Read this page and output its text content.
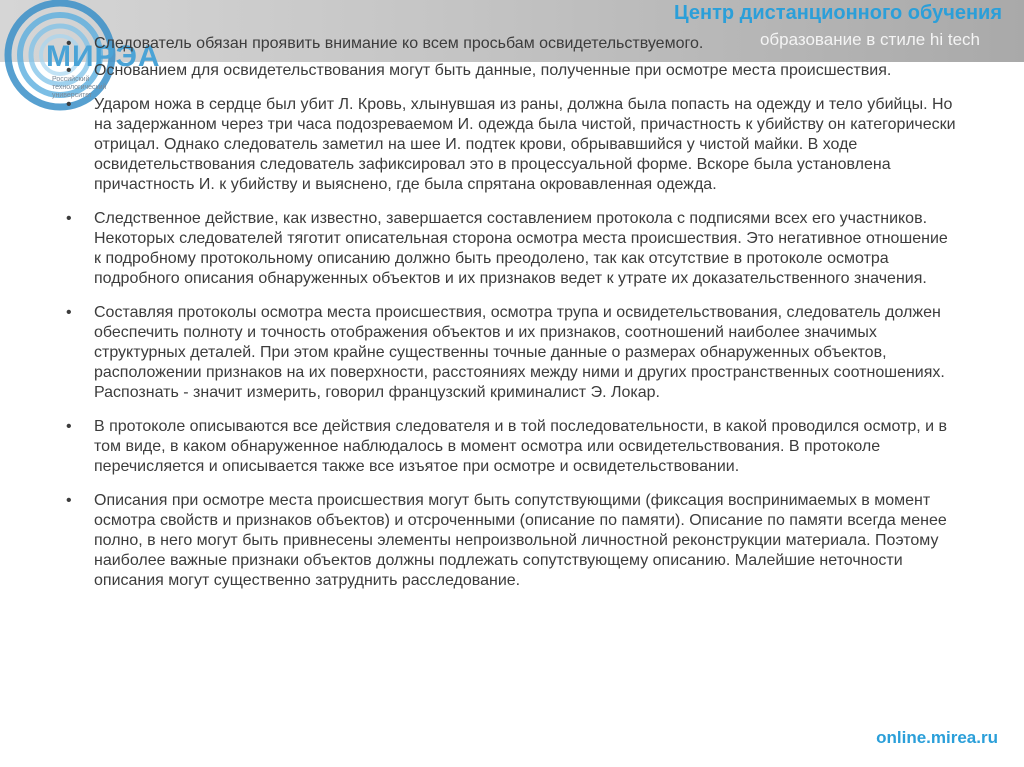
МИРЭА
Российский технологический университет
Центр дистанционного обучения
образование в стиле hi tech
• Следователь обязан проявить внимание ко всем просьбам освидетельствуемого.
• Основанием для освидетельствования могут быть данные, полученные при осмотре места происшествия.
• Ударом ножа в сердце был убит Л. Кровь, хлынувшая из раны, должна была попасть на одежду и тело убийцы. Но на задержанном через три часа подозреваемом И. одежда была чистой, причастность к убийству он категорически отрицал. Однако следователь заметил на шее И. подтек крови, обрывавшийся у чистой майки. В ходе освидетельствования следователь зафиксировал это в процессуальной форме. Вскоре была установлена причастность И. к убийству и выяснено, где была спрятана окровавленная одежда.
• Следственное действие, как известно, завершается составлением протокола с подписями всех его участников. Некоторых следователей тяготит описательная сторона осмотра места происшествия. Это негативное отношение к подробному протокольному описанию должно быть преодолено, так как отсутствие в протоколе осмотра подробного описания обнаруженных объектов и их признаков ведет к утрате их доказательственного значения.
• Составляя протоколы осмотра места происшествия, осмотра трупа и освидетельствования, следователь должен обеспечить полноту и точность отображения объектов и их признаков, соотношений наиболее значимых структурных деталей. При этом крайне существенны точные данные о размерах обнаруженных объектов, расположении признаков на их поверхности, расстояниях между ними и других пространственных соотношениях. Распознать - значит измерить, говорил французский криминалист Э. Локар.
• В протоколе описываются все действия следователя и в той последовательности, в какой проводился осмотр, и в том виде, в каком обнаруженное наблюдалось в момент осмотра или освидетельствования. В протоколе перечисляется и описывается также все изъятое при осмотре и освидетельствовании.
• Описания при осмотре места происшествия могут быть сопутствующими (фиксация воспринимаемых в момент осмотра свойств и признаков объектов) и отсроченными (описание по памяти). Описание по памяти всегда менее полно, в него могут быть привнесены элементы непроизвольной личностной реконструкции материала. Поэтому наиболее важные признаки объектов должны подлежать сопутствующему описанию. Малейшие неточности описания могут существенно затруднить расследование.
online.mirea.ru
